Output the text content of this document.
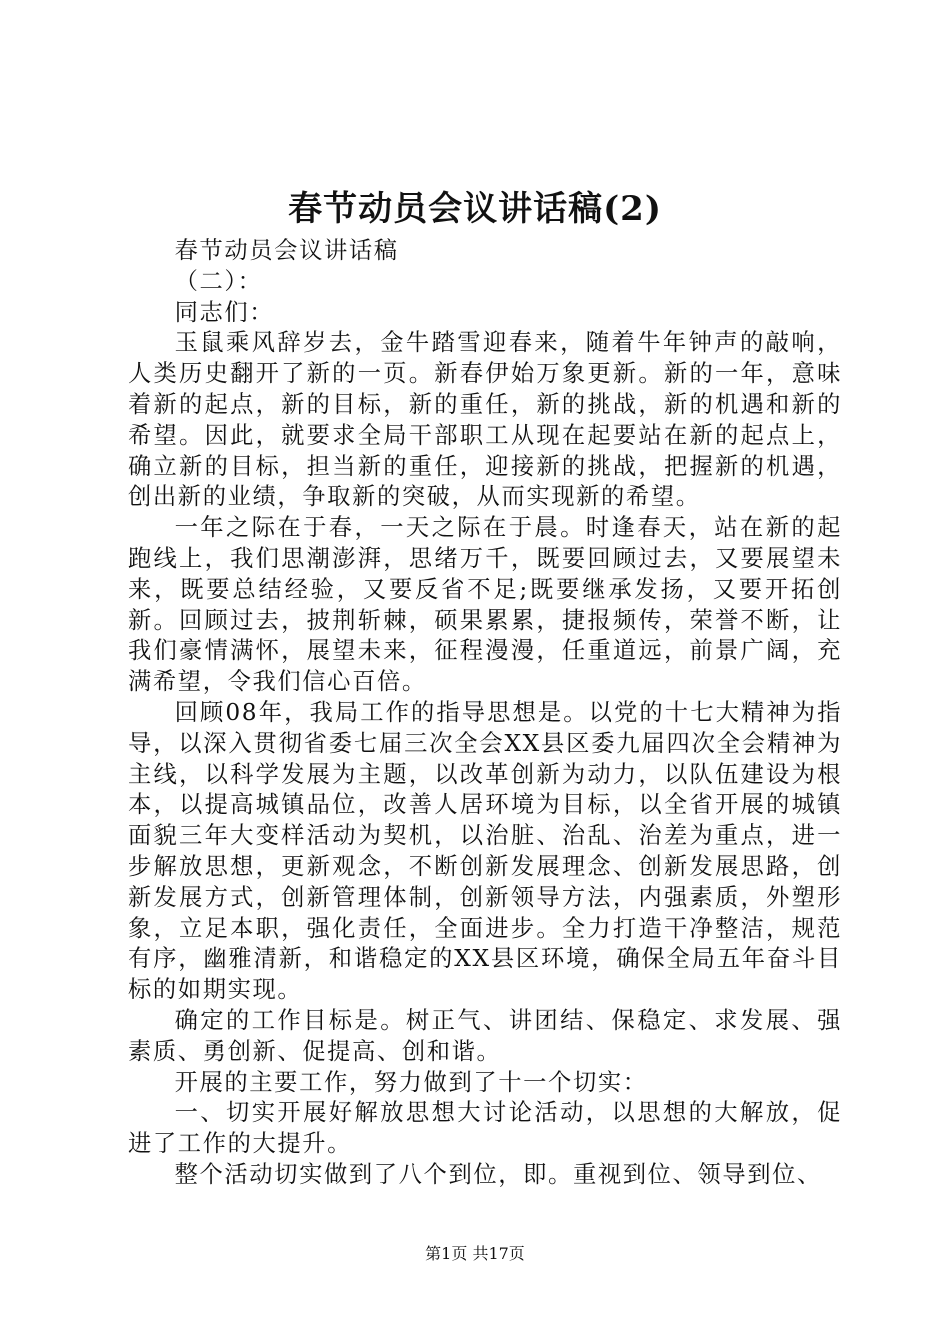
春节动员会议讲话稿(2)

春节动员会议讲话稿

（二）：

同志们：

玉鼠乘风辞岁去，金牛踏雪迎春来，随着牛年钟声的敲响，人类历史翻开了新的一页。新春伊始万象更新。新的一年，意味着新的起点，新的目标，新的重任，新的挑战，新的机遇和新的希望。因此，就要求全局干部职工从现在起要站在新的起点上，确立新的目标，担当新的重任，迎接新的挑战，把握新的机遇，创出新的业绩，争取新的突破，从而实现新的希望。

一年之际在于春，一天之际在于晨。时逢春天，站在新的起跑线上，我们思潮澎湃，思绪万千，既要回顾过去，又要展望未来，既要总结经验，又要反省不足;既要继承发扬，又要开拓创新。回顾过去，披荆斩棘，硕果累累，捷报频传，荣誉不断，让我们豪情满怀，展望未来，征程漫漫，任重道远，前景广阔，充满希望，令我们信心百倍。

回顾08年，我局工作的指导思想是。以党的十七大精神为指导，以深入贯彻省委七届三次全会XX县区委九届四次全会精神为主线，以科学发展为主题，以改革创新为动力，以队伍建设为根本，以提高城镇品位，改善人居环境为目标，以全省开展的城镇面貌三年大变样活动为契机，以治脏、治乱、治差为重点，进一步解放思想，更新观念，不断创新发展理念、创新发展思路，创新发展方式，创新管理体制，创新领导方法，内强素质，外塑形象，立足本职，强化责任，全面进步。全力打造干净整洁，规范有序，幽雅清新，和谐稳定的XX县区环境，确保全局五年奋斗目标的如期实现。

确定的工作目标是。树正气、讲团结、保稳定、求发展、强素质、勇创新、促提高、创和谐。

开展的主要工作，努力做到了十一个切实：

一、切实开展好解放思想大讨论活动，以思想的大解放，促进了工作的大提升。

整个活动切实做到了八个到位，即。重视到位、领导到位、

第1页 共17页
